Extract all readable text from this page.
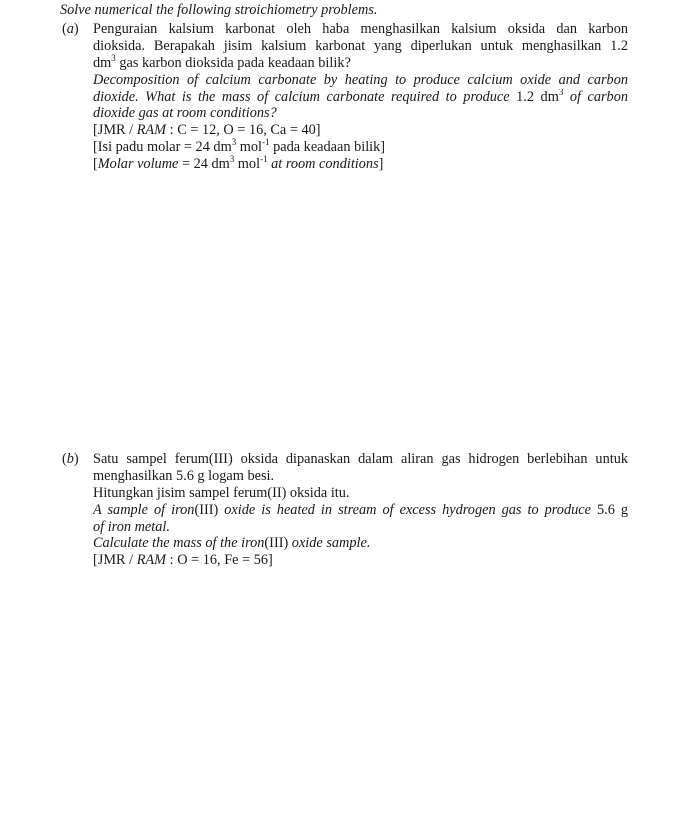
Solve numerical the following stroichiometry problems.
(a) Penguraian kalsium karbonat oleh haba menghasilkan kalsium oksida dan karbon
dioksida. Berapakah jisim kalsium karbonat yang diperlukan untuk menghasilkan 1.2
$dm^3$ gas karbon dioksida pada keadaan bilik?
Decomposition of calcium carbonate by heating to produce calcium oxide and carbon
dioxide. What is the mass of calcium carbonate required to produce 1.2 $dm^3$ of carbon
dioxide gas at room conditions?
[JMR / RAM : C = 12, O = 16, Ca = 40]
[Isi padu molar = 24 $dm^3$ mol$^{-1}$ pada keadaan bilik]
[Molar volume = 24 $dm^3$ mol$^{-1}$ at room conditions]
(b) Satu sampel ferum(III) oksida dipanaskan dalam aliran gas hidrogen berlebihan untuk
menghasilkan 5.6 g logam besi.
Hitungkan jisim sampel ferum(II) oksida itu.
A sample of iron(III) oxide is heated in stream of excess hydrogen gas to produce 5.6 g
of iron metal.
Calculate the mass of the iron(III) oxide sample.
[JMR / RAM : O = 16, Fe = 56]
